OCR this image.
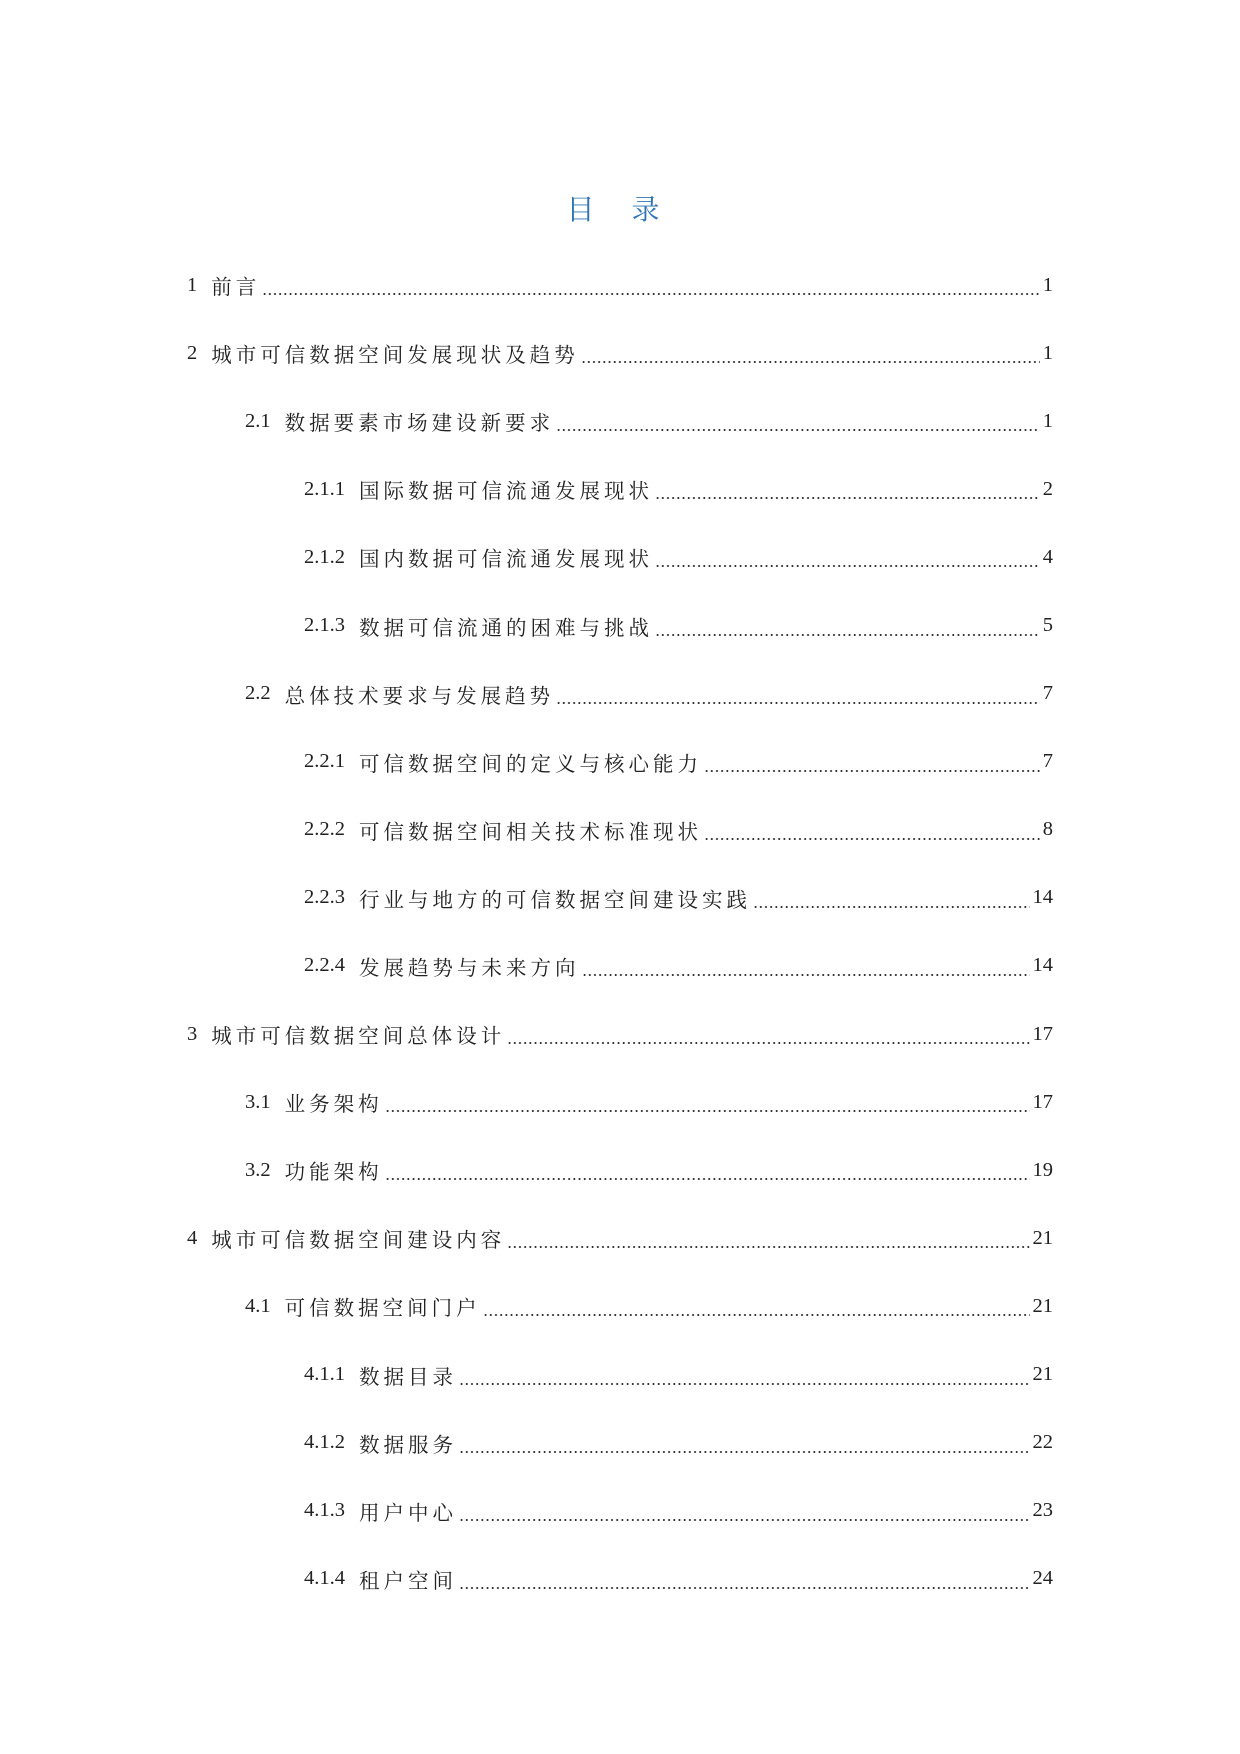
目 录
1 前言	1
2 城市可信数据空间发展现状及趋势	1
2.1 数据要素市场建设新要求	1
2.1.1 国际数据可信流通发展现状	2
2.1.2 国内数据可信流通发展现状	4
2.1.3 数据可信流通的困难与挑战	5
2.2 总体技术要求与发展趋势	7
2.2.1 可信数据空间的定义与核心能力	7
2.2.2 可信数据空间相关技术标准现状	8
2.2.3 行业与地方的可信数据空间建设实践	14
2.2.4 发展趋势与未来方向	14
3 城市可信数据空间总体设计	17
3.1 业务架构	17
3.2 功能架构	19
4 城市可信数据空间建设内容	21
4.1 可信数据空间门户	21
4.1.1 数据目录	21
4.1.2 数据服务	22
4.1.3 用户中心	23
4.1.4 租户空间	24
